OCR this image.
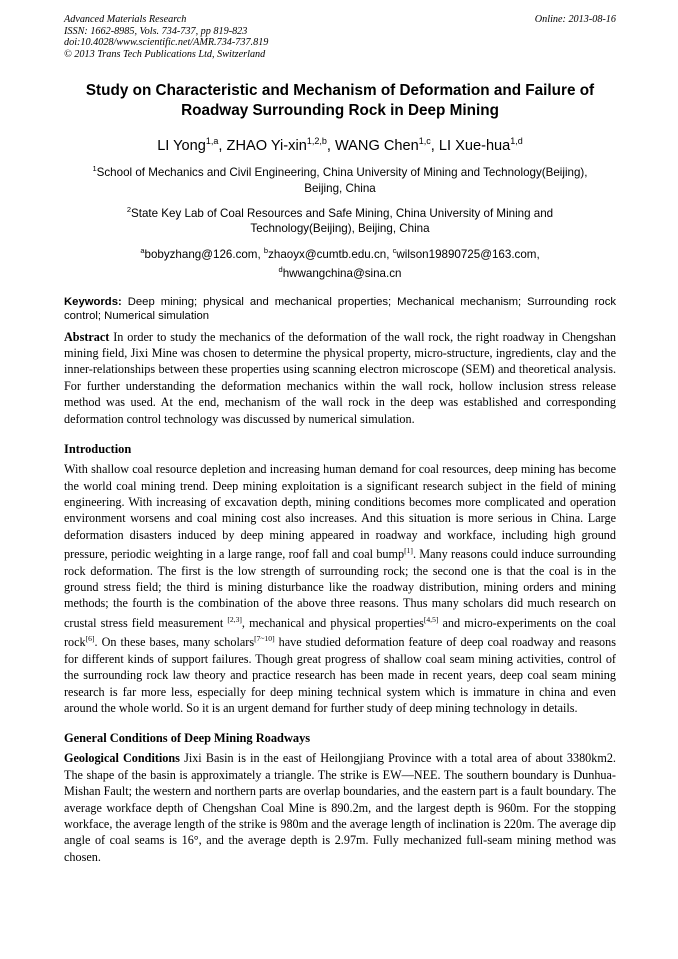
Advanced Materials Research
ISSN: 1662-8985, Vols. 734-737, pp 819-823
doi:10.4028/www.scientific.net/AMR.734-737.819
© 2013 Trans Tech Publications Ltd, Switzerland
Online: 2013-08-16
Study on Characteristic and Mechanism of Deformation and Failure of
Roadway Surrounding Rock in Deep Mining
LI Yong$^{1,a}$, ZHAO Yi-xin$^{1,2,b}$, WANG Chen$^{1,c}$, LI Xue-hua$^{1,d}$
$^1$School of Mechanics and Civil Engineering, China University of Mining and Technology(Beijing),
Beijing, China
$^2$State Key Lab of Coal Resources and Safe Mining, China University of Mining and
Technology(Beijing), Beijing, China
$^a$bobyzhang@126.com, $^b$zhaoyx@cumtb.edu.cn, $^c$wilson19890725@163.com,
$^d$hwwangchina@sina.cn
Keywords: Deep mining; physical and mechanical properties; Mechanical mechanism; Surrounding rock control; Numerical simulation

Abstract In order to study the mechanics of the deformation of the wall rock, the right roadway in Chengshan mining field, Jixi Mine was chosen to determine the physical property, micro-structure, ingredients, clay and the inner-relationships between these properties using scanning electron microscope (SEM) and theoretical analysis. For further understanding the deformation mechanics within the wall rock, hollow inclusion stress release method was used. At the end, mechanism of the wall rock in the deep was established and corresponding deformation control technology was discussed by numerical simulation.

Introduction

With shallow coal resource depletion and increasing human demand for coal resources, deep mining has become the world coal mining trend. Deep mining exploitation is a significant research subject in the field of mining engineering. With increasing of excavation depth, mining conditions becomes more complicated and operation environment worsens and coal mining cost also increases. And this situation is more serious in China. Large deformation disasters induced by deep mining appeared in roadway and workface, including high ground pressure, periodic weighting in a large range, roof fall and coal bump[1]. Many reasons could induce surrounding rock deformation. The first is the low strength of surrounding rock; the second one is that the coal is in the ground stress field; the third is mining disturbance like the roadway distribution, mining orders and mining methods; the fourth is the combination of the above three reasons. Thus many scholars did much research on crustal stress field measurement [2,3], mechanical and physical properties[4,5] and micro-experiments on the coal rock[6]. On these bases, many scholars[7~10] have studied deformation feature of deep coal roadway and reasons for different kinds of support failures. Though great progress of shallow coal seam mining activities, control of the surrounding rock law theory and practice research has been made in recent years, deep coal seam mining research is far more less, especially for deep mining technical system which is immature in china and even around the whole world. So it is an urgent demand for further study of deep mining technology in details.

General Conditions of Deep Mining Roadways

Geological Conditions Jixi Basin is in the east of Heilongjiang Province with a total area of about 3380km2. The shape of the basin is approximately a triangle. The strike is EW—NEE. The southern boundary is Dunhua-Mishan Fault; the western and northern parts are overlap boundaries, and the eastern part is a fault boundary. The average workface depth of Chengshan Coal Mine is 890.2m, and the largest depth is 960m. For the stopping workface, the average length of the strike is 980m and the average length of inclination is 220m. The average dip angle of coal seams is 16°, and the average depth is 2.97m. Fully mechanized full-seam mining method was chosen.
